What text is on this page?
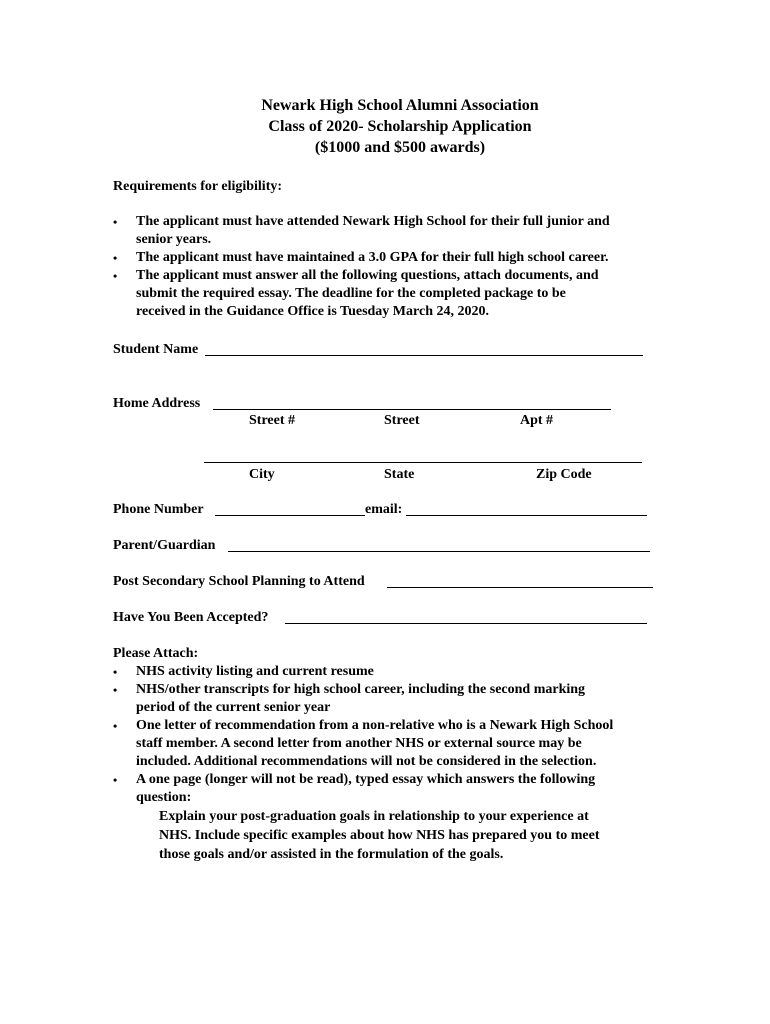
Newark High School Alumni Association
Class of 2020- Scholarship Application
($1000 and $500 awards)
Requirements for eligibility:
• The applicant must have attended Newark High School for their full junior and
senior years.
• The applicant must have maintained a 3.0 GPA for their full high school career.
• The applicant must answer all the following questions, attach documents, and
submit the required essay. The deadline for the completed package to be
received in the Guidance Office is Tuesday March 24, 2020.
Student Name
Home Address
Street #	Street	Apt #
City	State	Zip Code
Phone Number	email:
Parent/Guardian
Post Secondary School Planning to Attend
Have You Been Accepted?
Please Attach:
• NHS activity listing and current resume
• NHS/other transcripts for high school career, including the second marking
period of the current senior year
• One letter of recommendation from a non-relative who is a Newark High School
staff member. A second letter from another NHS or external source may be
included. Additional recommendations will not be considered in the selection.
• A one page (longer will not be read), typed essay which answers the following
question:
Explain your post-graduation goals in relationship to your experience at
NHS. Include specific examples about how NHS has prepared you to meet
those goals and/or assisted in the formulation of the goals.
